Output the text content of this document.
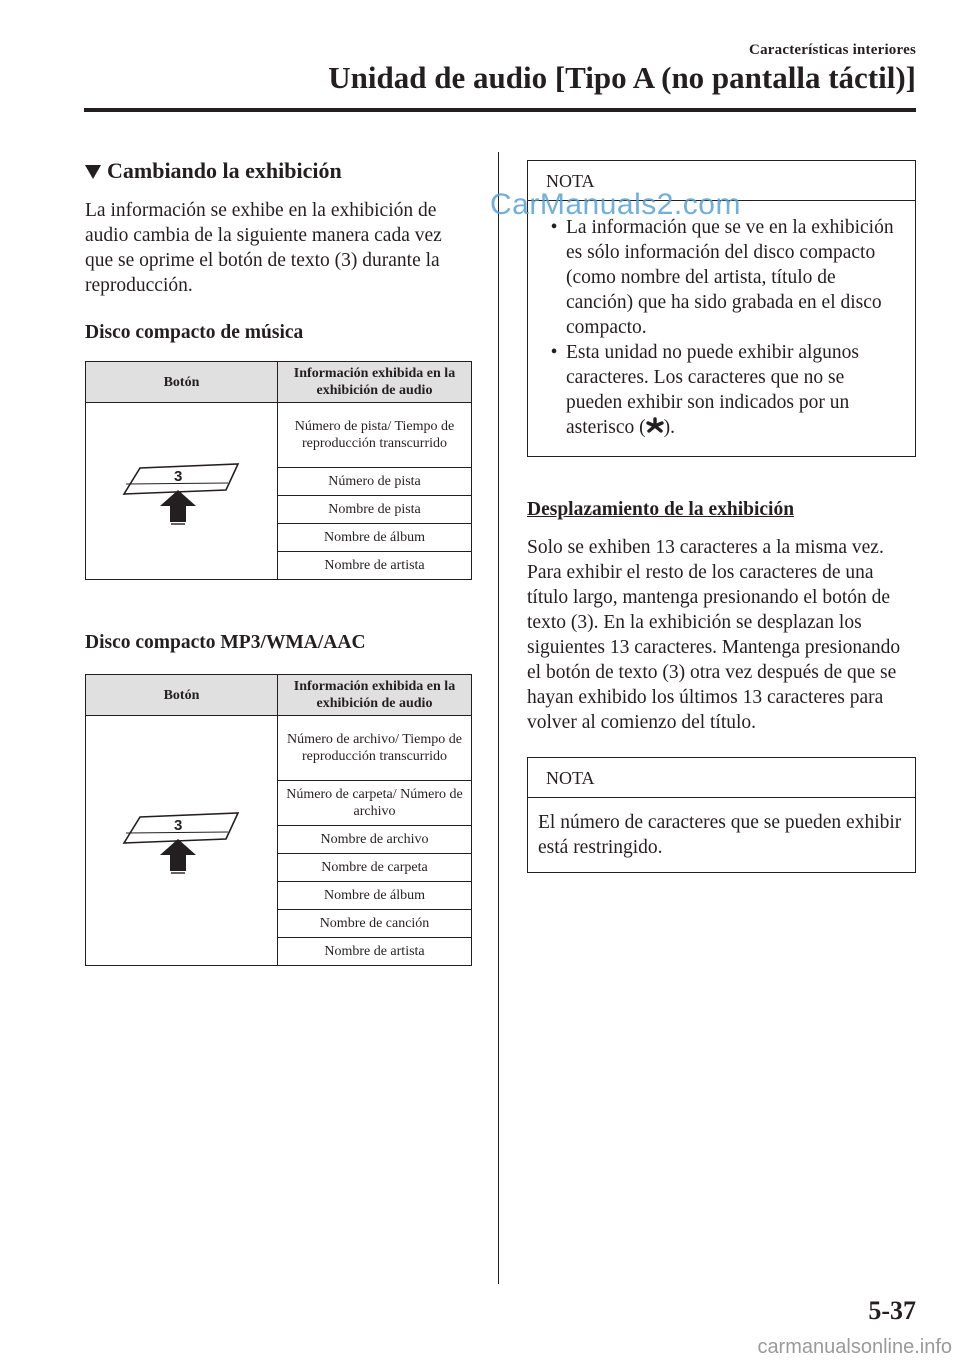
Características interiores
Unidad de audio [Tipo A (no pantalla táctil)]
Cambiando la exhibición

La información se exhibe en la exhibición de audio cambia de la siguiente manera cada vez que se oprime el botón de texto (3) durante la reproducción.

Disco compacto de música

Botón	Información exhibida en la exhibición de audio

3	Número de pista/ Tiempo de reproducción transcurrido
	Número de pista
	Nombre de pista
	Nombre de álbum
	Nombre de artista

Disco compacto MP3/WMA/AAC

Botón	Información exhibida en la exhibición de audio

3	Número de archivo/ Tiempo de reproducción transcurrido
	Número de carpeta/ Número de archivo
	Nombre de archivo
	Nombre de carpeta
	Nombre de álbum
	Nombre de canción
	Nombre de artista
NOTA
• La información que se ve en la exhibición es sólo información del disco compacto (como nombre del artista, título de canción) que ha sido grabada en el disco compacto.
• Esta unidad no puede exhibir algunos caracteres. Los caracteres que no se pueden exhibir son indicados por un asterisco ( ).

Desplazamiento de la exhibición

Solo se exhiben 13 caracteres a la misma vez. Para exhibir el resto de los caracteres de una título largo, mantenga presionando el botón de texto (3). En la exhibición se desplazan los siguientes 13 caracteres. Mantenga presionando el botón de texto (3) otra vez después de que se hayan exhibido los últimos 13 caracteres para volver al comienzo del título.

NOTA
El número de caracteres que se pueden exhibir está restringido.
5-37
CarManuals2.com
carmanualsonline.info
